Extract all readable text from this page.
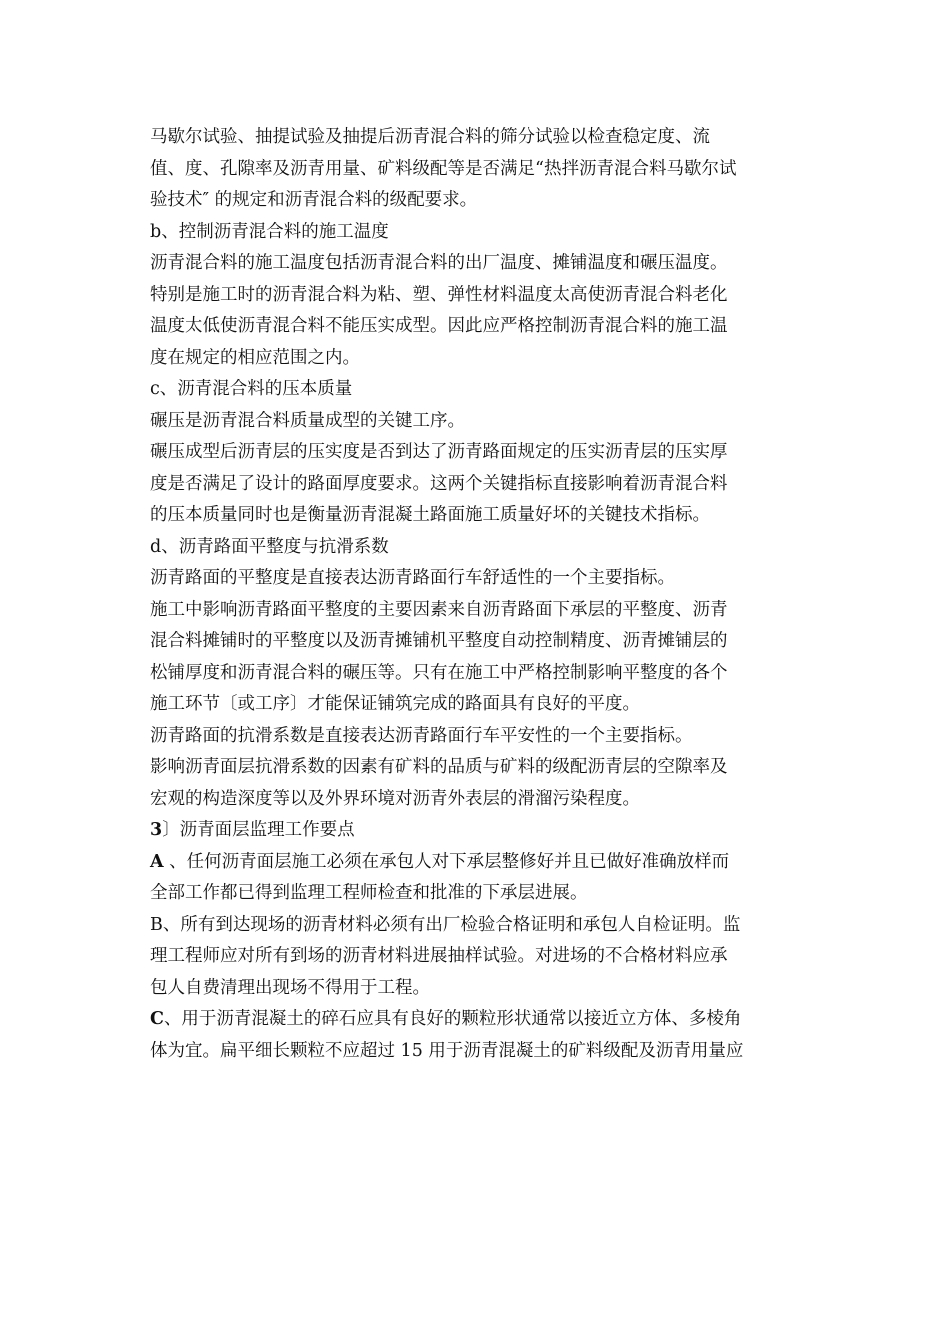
马歇尔试验、抽提试验及抽提后沥青混合料的筛分试验以检查稳定度、流

值、度、孔隙率及沥青用量、矿料级配等是否满足“热拌沥青混合料马歇尔试

验技术″ 的规定和沥青混合料的级配要求。

b、控制沥青混合料的施工温度

沥青混合料的施工温度包括沥青混合料的出厂温度、摊铺温度和碾压温度。

特别是施工时的沥青混合料为粘、塑、弹性材料温度太高使沥青混合料老化

温度太低使沥青混合料不能压实成型。因此应严格控制沥青混合料的施工温

度在规定的相应范围之内。

c、沥青混合料的压本质量

碾压是沥青混合料质量成型的关键工序。

碾压成型后沥青层的压实度是否到达了沥青路面规定的压实沥青层的压实厚

度是否满足了设计的路面厚度要求。这两个关键指标直接影响着沥青混合料

的压本质量同时也是衡量沥青混凝土路面施工质量好坏的关键技术指标。

d、沥青路面平整度与抗滑系数

沥青路面的平整度是直接表达沥青路面行车舒适性的一个主要指标。

施工中影响沥青路面平整度的主要因素来自沥青路面下承层的平整度、沥青

混合料摊铺时的平整度以及沥青摊铺机平整度自动控制精度、沥青摊铺层的

松铺厚度和沥青混合料的碾压等。只有在施工中严格控制影响平整度的各个

施工环节〔或工序〕才能保证铺筑完成的路面具有良好的平度。

沥青路面的抗滑系数是直接表达沥青路面行车平安性的一个主要指标。

影响沥青面层抗滑系数的因素有矿料的品质与矿料的级配沥青层的空隙率及

宏观的构造深度等以及外界环境对沥青外表层的滑溜污染程度。

3〕沥青面层监理工作要点

A 、任何沥青面层施工必须在承包人对下承层整修好并且已做好准确放样而

全部工作都已得到监理工程师检查和批准的下承层进展。

B、所有到达现场的沥青材料必须有出厂检验合格证明和承包人自检证明。监

理工程师应对所有到场的沥青材料进展抽样试验。对进场的不合格材料应承

包人自费清理出现场不得用于工程。

C、用于沥青混凝土的碎石应具有良好的颗粒形状通常以接近立方体、多棱角

体为宜。扁平细长颗粒不应超过 15 用于沥青混凝土的矿料级配及沥青用量应
